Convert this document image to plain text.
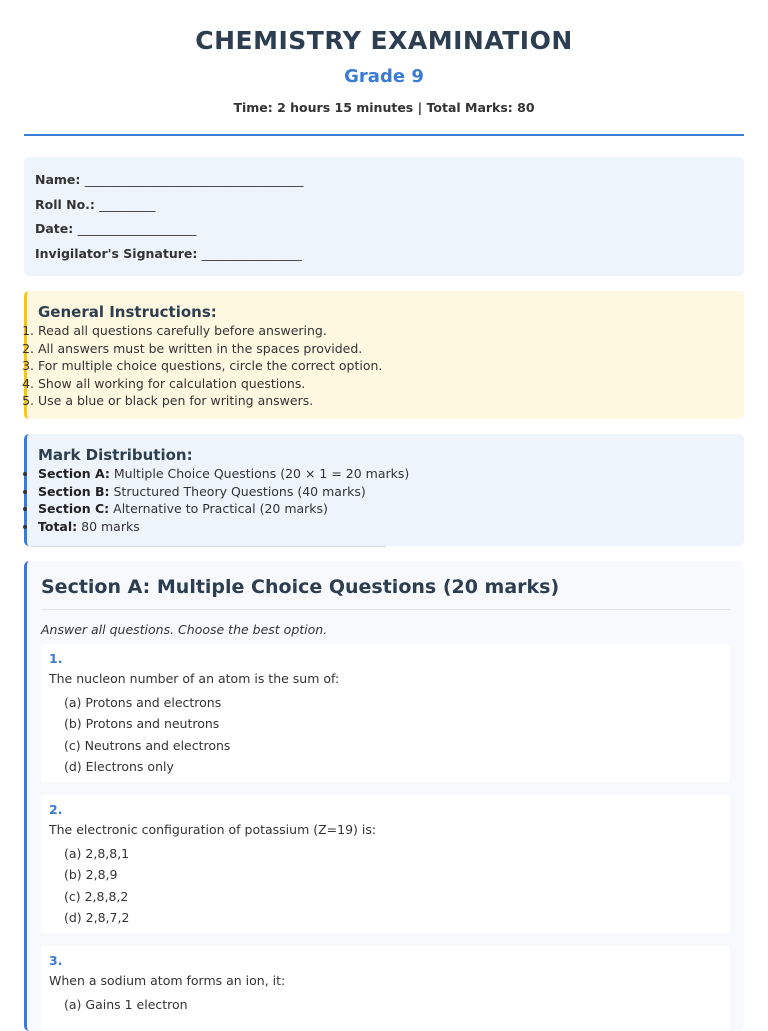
CHEMISTRY EXAMINATION
Grade 9
Time: 2 hours 15 minutes | Total Marks: 80
Name: ___________________________________
Roll No.: _________
Date: ___________________
Invigilator's Signature: ________________
General Instructions:
1. Read all questions carefully before answering.
2. All answers must be written in the spaces provided.
3. For multiple choice questions, circle the correct option.
4. Show all working for calculation questions.
5. Use a blue or black pen for writing answers.
Mark Distribution:
Section A: Multiple Choice Questions (20 × 1 = 20 marks)
Section B: Structured Theory Questions (40 marks)
Section C: Alternative to Practical (20 marks)
Total: 80 marks
Section A: Multiple Choice Questions (20 marks)
Answer all questions. Choose the best option.
1.
The nucleon number of an atom is the sum of:
(a) Protons and electrons
(b) Protons and neutrons
(c) Neutrons and electrons
(d) Electrons only
2.
The electronic configuration of potassium (Z=19) is:
(a) 2,8,8,1
(b) 2,8,9
(c) 2,8,8,2
(d) 2,8,7,2
3.
When a sodium atom forms an ion, it:
(a) Gains 1 electron
